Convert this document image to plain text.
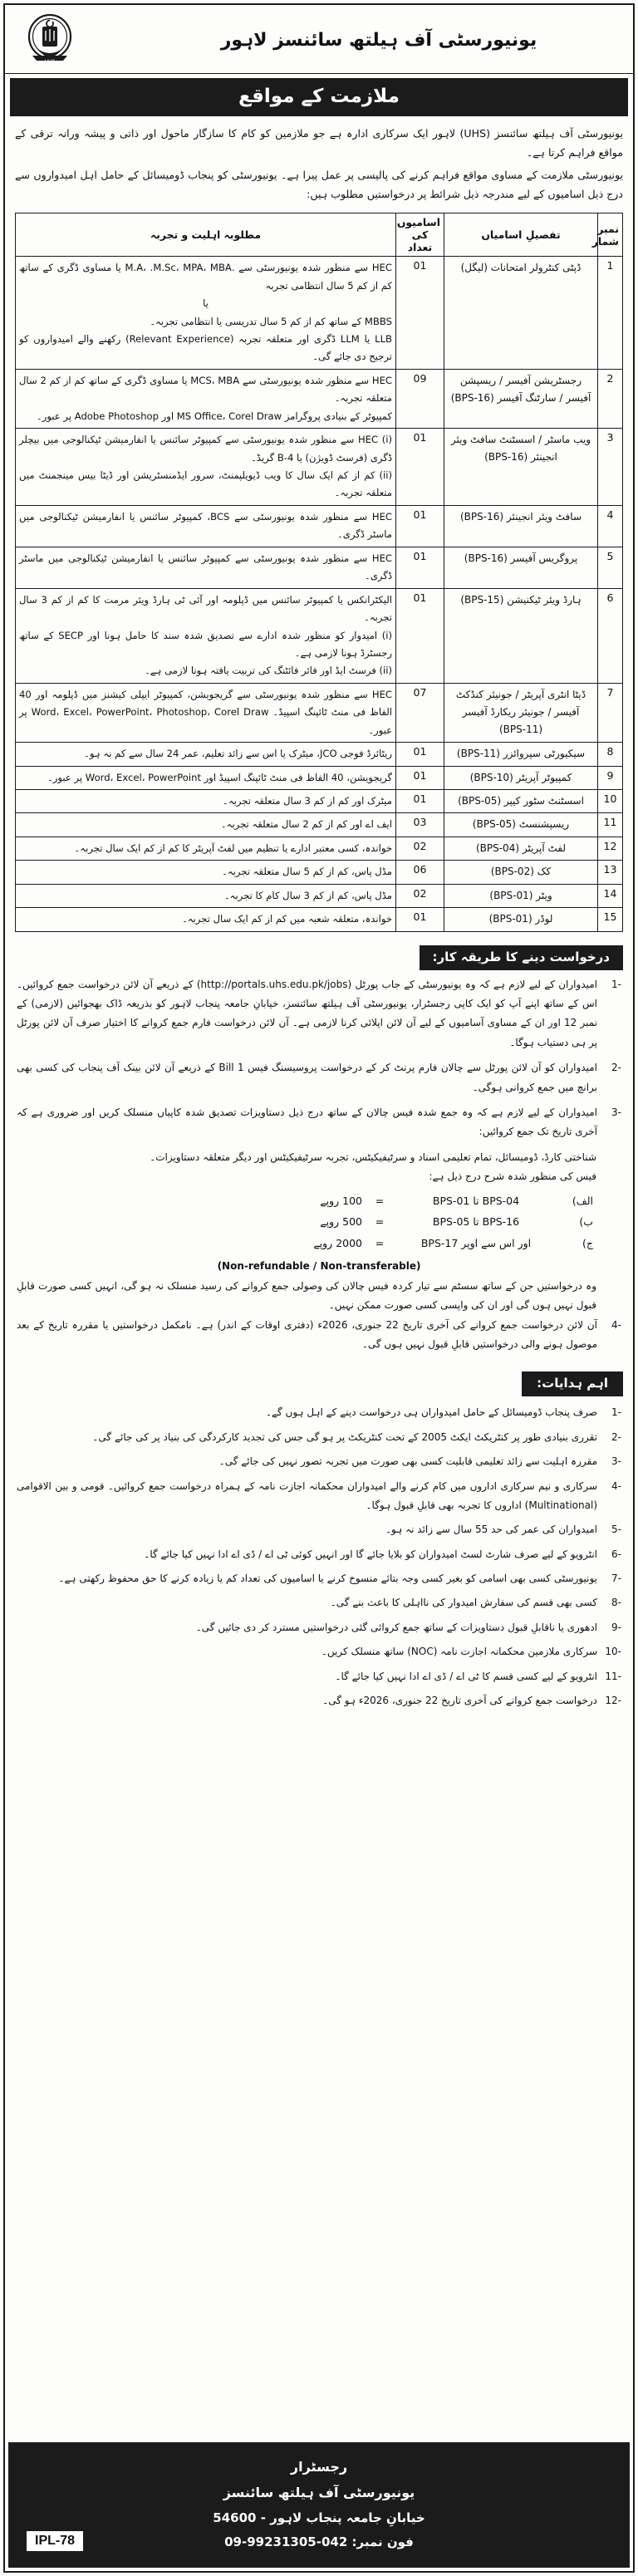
UHS
یونیورسٹی آف ہیلتھ سائنسز لاہور
ملازمت کے مواقع

یونیورسٹی آف ہیلتھ سائنسز (UHS) لاہور ایک سرکاری ادارہ ہے جو ملازمین کو کام کا سازگار ماحول اور ذاتی و پیشہ ورانہ ترقی کے مواقع فراہم کرتا ہے۔

یونیورسٹی ملازمت کے مساوی مواقع فراہم کرنے کی پالیسی پر عمل پیرا ہے۔ یونیورسٹی کو پنجاب ڈومیسائل کے حامل اہل امیدواروں سے درج ذیل اسامیوں کے لیے مندرجہ ذیل شرائط پر درخواستیں مطلوب ہیں:

نمبر شمار	تفصیلِ اسامیاں	اسامیوں کی تعداد	مطلوبہ اہلیت و تجربہ
1	ڈپٹی کنٹرولر امتحانات (لیگل)	01	HEC سے منظور شدہ یونیورسٹی سے .M.A، .M.Sc، MPA، MBA یا مساوی ڈگری کے ساتھ کم از کم 5 سال انتظامی تجربہ
یا
MBBS کے ساتھ کم از کم 5 سال تدریسی یا انتظامی تجربہ۔
LLB یا LLM ڈگری اور متعلقہ تجربہ (Relevant Experience) رکھنے والے امیدواروں کو ترجیح دی جائے گی۔

2	رجسٹریشن آفیسر / ریسپشن آفیسر / سارٹنگ آفیسر (BPS-16)	09	HEC سے منظور شدہ یونیورسٹی سے MCS، MBA یا مساوی ڈگری کے ساتھ کم از کم 2 سال متعلقہ تجربہ۔
کمپیوٹر کے بنیادی پروگرامز MS Office، Corel Draw اور Adobe Photoshop پر عبور۔

3	ویب ماسٹر / اسسٹنٹ سافٹ ویئر انجینئر (BPS-16)	01	(i) HEC سے منظور شدہ یونیورسٹی سے کمپیوٹر سائنس یا انفارمیشن ٹیکنالوجی میں بیچلر ڈگری (فرسٹ ڈویژن) یا B-4 گریڈ۔
(ii) کم از کم ایک سال کا ویب ڈیویلپمنٹ، سرور ایڈمنسٹریشن اور ڈیٹا بیس مینجمنٹ میں متعلقہ تجربہ۔

4	سافٹ ویئر انجینئر (BPS-16)	01	HEC سے منظور شدہ یونیورسٹی سے BCS، کمپیوٹر سائنس یا انفارمیشن ٹیکنالوجی میں ماسٹر ڈگری۔

5	پروگریس آفیسر (BPS-16)	01	HEC سے منظور شدہ یونیورسٹی سے کمپیوٹر سائنس یا انفارمیشن ٹیکنالوجی میں ماسٹر ڈگری۔

6	ہارڈ ویئر ٹیکنیشن (BPS-15)	01	الیکٹرانکس یا کمپیوٹر سائنس میں ڈپلومہ اور آئی ٹی ہارڈ ویئر مرمت کا کم از کم 3 سال تجربہ۔
(i) امیدوار کو منظور شدہ ادارے سے تصدیق شدہ سند کا حامل ہونا اور SECP کے ساتھ رجسٹرڈ ہونا لازمی ہے۔
(ii) فرسٹ ایڈ اور فائر فائٹنگ کی تربیت یافتہ ہونا لازمی ہے۔

7	ڈیٹا انٹری آپریٹر / جونیئر کنڈکٹ آفیسر / جونیئر ریکارڈ آفیسر (BPS-11)	07	HEC سے منظور شدہ یونیورسٹی سے گریجویشن، کمپیوٹر ایپلی کیشنز میں ڈپلومہ اور 40 الفاظ فی منٹ ٹائپنگ اسپیڈ۔ Word، Excel، PowerPoint، Photoshop، Corel Draw پر عبور۔

8	سیکیورٹی سپروائزر (BPS-11)	01	ریٹائرڈ فوجی JCO، میٹرک یا اس سے زائد تعلیم، عمر 24 سال سے کم نہ ہو۔

9	کمپیوٹر آپریٹر (BPS-10)	01	گریجویشن، 40 الفاظ فی منٹ ٹائپنگ اسپیڈ اور Word، Excel، PowerPoint پر عبور۔

10	اسسٹنٹ سٹور کیپر (BPS-05)	01	میٹرک اور کم از کم 3 سال متعلقہ تجربہ۔

11	ریسپشنسٹ (BPS-05)	03	ایف اے اور کم از کم 2 سال متعلقہ تجربہ۔

12	لفٹ آپریٹر (BPS-04)	02	خواندہ، کسی معتبر ادارے یا تنظیم میں لفٹ آپریٹر کا کم از کم ایک سال تجربہ۔

13	کک (BPS-02)	06	مڈل پاس، کم از کم 5 سال متعلقہ تجربہ۔

14	ویٹر (BPS-01)	02	مڈل پاس، کم از کم 3 سال کام کا تجربہ۔

15	لوڈر (BPS-01)	01	خواندہ، متعلقہ شعبہ میں کم از کم ایک سال تجربہ۔
درخواست دینے کا طریقہ کار:
-1
امیدواران کے لیے لازم ہے کہ وہ یونیورسٹی کے جاب پورٹل (http://portals.uhs.edu.pk/jobs) کے ذریعے آن لائن درخواست جمع کروائیں۔ اس کے ساتھ اپنے آپ کو ایک کاپی رجسٹرار، یونیورسٹی آف ہیلتھ سائنسز، خیابانِ جامعہ پنجاب لاہور کو بذریعہ ڈاک بھجوائیں (لازمی) کے نمبر 12 اور ان کے مساوی آسامیوں کے لیے آن لائن اپلائی کرنا لازمی ہے۔ آن لائن درخواست فارم جمع کروانے کا اختیار صرف آن لائن پورٹل پر ہی دستیاب ہوگا۔
-2
امیدواران کو آن لائن پورٹل سے چالان فارم پرنٹ کر کے درخواست پروسیسنگ فیس Bill 1 کے ذریعے آن لائن بینک آف پنجاب کی کسی بھی برانچ میں جمع کروانی ہوگی۔
-3
امیدواران کے لیے لازم ہے کہ وہ جمع شدہ فیس چالان کے ساتھ درج ذیل دستاویزات تصدیق شدہ کاپیاں منسلک کریں اور ضروری ہے کہ آخری تاریخ تک جمع کروائیں:
شناختی کارڈ، ڈومیسائل، تمام تعلیمی اسناد و سرٹیفیکیٹس، تجربہ سرٹیفیکیٹس اور دیگر متعلقہ دستاویزات۔
فیس کی منظور شدہ شرح درج ذیل ہے:
الف)
BPS-01 تا BPS-04
=
100 روپے
ب)
BPS-05 تا BPS-16
=
500 روپے
ج)
BPS-17 اور اس سے اوپر
=
2000 روپے
(Non-refundable / Non-transferable)
وہ درخواستیں جن کے ساتھ سسٹم سے تیار کردہ فیس چالان کی وصولی جمع کروانے کی رسید منسلک نہ ہو گی، انہیں کسی صورت قابلِ قبول نہیں ہوں گی اور ان کی واپسی کسی صورت ممکن نہیں۔
-4
آن لائن درخواست جمع کروانے کی آخری تاریخ 22 جنوری، 2026ء (دفتری اوقات کے اندر) ہے۔ نامکمل درخواستیں یا مقررہ تاریخ کے بعد موصول ہونے والی درخواستیں قابلِ قبول نہیں ہوں گی۔
اہم ہدایات:
-1
صرف پنجاب ڈومیسائل کے حامل امیدواران ہی درخواست دینے کے اہل ہوں گے۔
-2
تقرری بنیادی طور پر کنٹریکٹ ایکٹ 2005 کے تحت کنٹریکٹ پر ہو گی جس کی تجدید کارکردگی کی بنیاد پر کی جائے گی۔
-3
مقررہ اہلیت سے زائد تعلیمی قابلیت کسی بھی صورت میں تجربہ تصور نہیں کی جائے گی۔
-4
سرکاری و نیم سرکاری اداروں میں کام کرنے والے امیدواران محکمانہ اجازت نامہ کے ہمراہ درخواست جمع کروائیں۔ قومی و بین الاقوامی (Multinational) اداروں کا تجربہ بھی قابلِ قبول ہوگا۔
-5
امیدواران کی عمر کی حد 55 سال سے زائد نہ ہو۔
-6
انٹرویو کے لیے صرف شارٹ لسٹ امیدواران کو بلایا جائے گا اور انہیں کوئی ٹی اے / ڈی اے ادا نہیں کیا جائے گا۔
-7
یونیورسٹی کسی بھی اسامی کو بغیر کسی وجہ بتائے منسوخ کرنے یا اسامیوں کی تعداد کم یا زیادہ کرنے کا حق محفوظ رکھتی ہے۔
-8
کسی بھی قسم کی سفارش امیدوار کی نااہلی کا باعث بنے گی۔
-9
ادھوری یا ناقابلِ قبول دستاویزات کے ساتھ جمع کروائی گئی درخواستیں مسترد کر دی جائیں گی۔
-10
سرکاری ملازمین محکمانہ اجازت نامہ (NOC) ساتھ منسلک کریں۔
-11
انٹرویو کے لیے کسی قسم کا ٹی اے / ڈی اے ادا نہیں کیا جائے گا۔
-12
درخواست جمع کروانے کی آخری تاریخ 22 جنوری، 2026ء ہو گی۔
رجسٹرار
یونیورسٹی آف ہیلتھ سائنسز
خیابانِ جامعہ پنجاب لاہور - 54600
فون نمبر: 042-99231305-09
IPL-78
